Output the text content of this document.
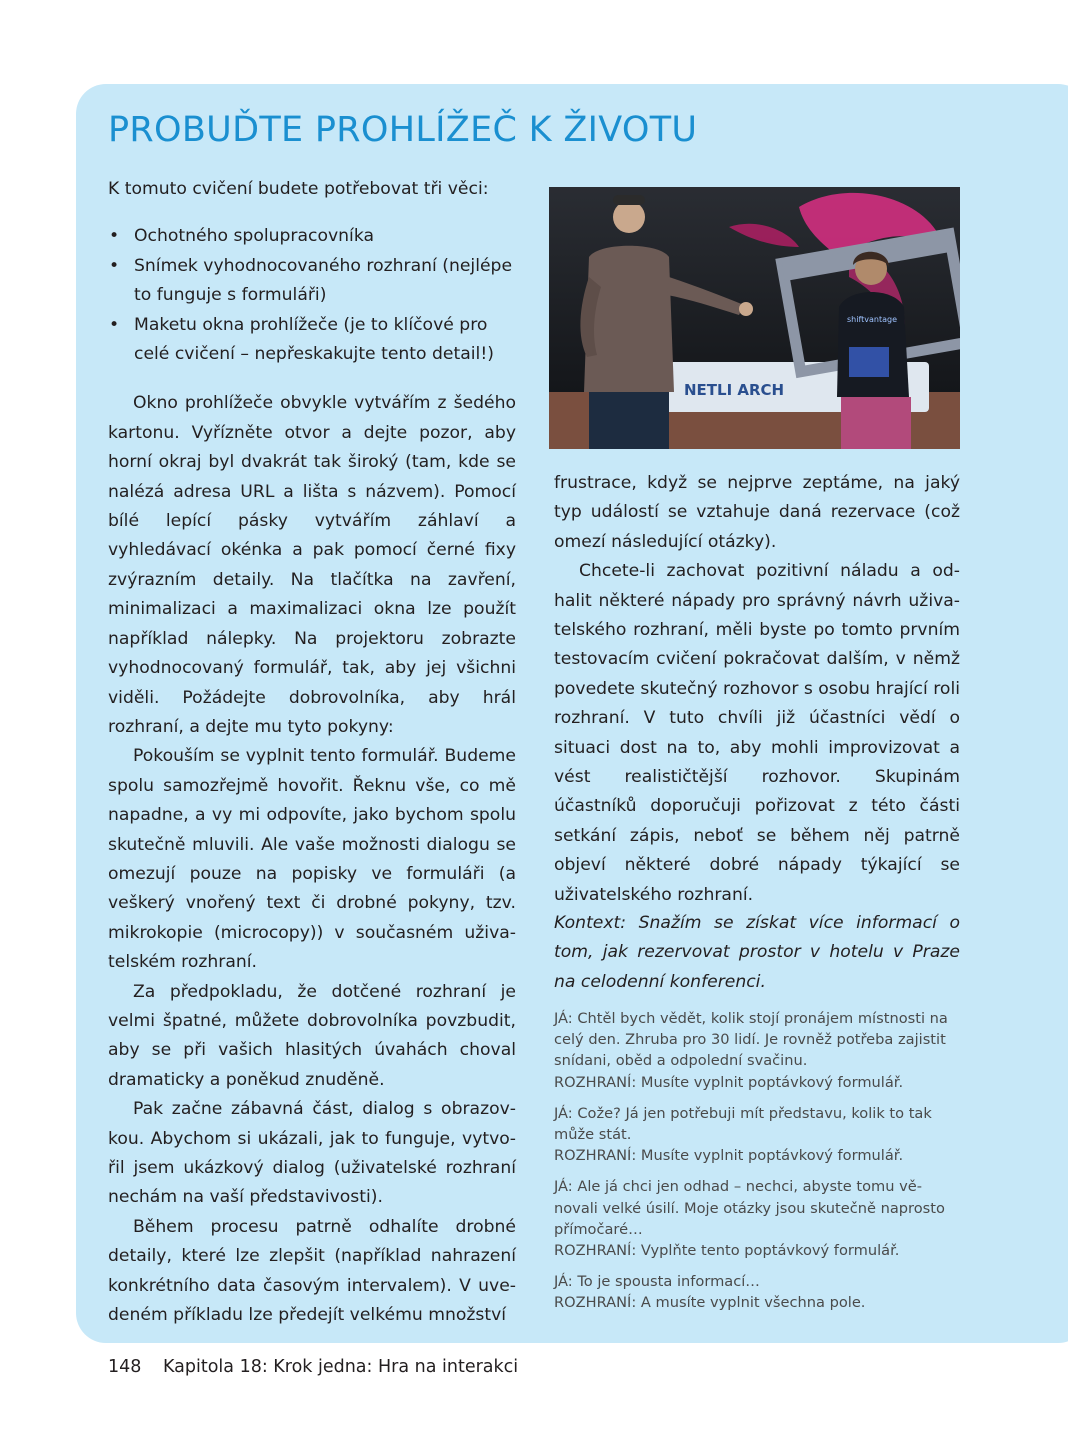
PROBUĎTE PROHLÍŽEČ K ŽIVOTU

K tomuto cvičení budete potřebovat tři věci:

• Ochotného spolupracovníka
• Snímek vyhodnocovaného rozhraní (nejlépe to funguje s formuláři)
• Maketu okna prohlížeče (je to klíčové pro celé cvičení – nepřeskakujte tento detail!)

Okno prohlížeče obvykle vytvářím z šedého kartonu. Vyřízněte otvor a dejte pozor, aby horní okraj byl dvakrát tak široký (tam, kde se nalézá adresa URL a lišta s názvem). Pomocí bílé lepící pásky vytvářím záhlaví a vyhledávací okénka a pak pomocí černé fixy zvýrazním detaily. Na tlačítka na zavření, minimalizaci a maximalizaci okna lze použít například nálepky. Na projektoru zobrazte vyhodnocovaný formulář, tak, aby jej všichni viděli. Požádejte dobrovolníka, aby hrál rozhraní, a dejte mu tyto pokyny:

Pokouším se vyplnit tento formulář. Budeme spolu samozřejmě hovořit. Řeknu vše, co mě napadne, a vy mi odpovíte, jako bychom spolu skutečně mluvili. Ale vaše možnosti dialogu se omezují pouze na popisky ve formuláři (a veškerý vnořený text či drobné pokyny, tzv. mikrokopie (microcopy)) v současném uživatelském rozhraní.

Za předpokladu, že dotčené rozhraní je velmi špatné, můžete dobrovolníka povzbudit, aby se při vašich hlasitých úvahách choval dramaticky a poněkud znuděně.

Pak začne zábavná část, dialog s obrazovkou. Abychom si ukázali, jak to funguje, vytvořil jsem ukázkový dialog (uživatelské rozhraní nechám na vaší představivosti).

Během procesu patrně odhalíte drobné detaily, které lze zlepšit (například nahrazení konkrétního data časovým intervalem). V uvedeném příkladu lze předejít velkému množství

NETLI ARCH
shiftvantage

frustrace, když se nejprve zeptáme, na jaký typ událostí se vztahuje daná rezervace (což omezí následující otázky).

Chcete-li zachovat pozitivní náladu a odhalit některé nápady pro správný návrh uživatelského rozhraní, měli byste po tomto prvním testovacím cvičení pokračovat dalším, v němž povedete skutečný rozhovor s osobu hrající roli rozhraní. V tuto chvíli již účastníci vědí o situaci dost na to, aby mohli improvizovat a vést realističtější rozhovor. Skupinám účastníků doporučuji pořizovat z této části setkání zápis, neboť se během něj patrně objeví některé dobré nápady týkající se uživatelského rozhraní.

Kontext: Snažím se získat více informací o tom, jak rezervovat prostor v hotelu v Praze na celodenní konferenci.
JÁ: Chtěl bych vědět, kolik stojí pronájem místnosti na celý den. Zhruba pro 30 lidí. Je rovněž potřeba zajistit snídani, oběd a odpolední svačinu.
ROZHRANÍ: Musíte vyplnit poptávkový formulář.
JÁ: Cože? Já jen potřebuji mít představu, kolik to tak může stát.
ROZHRANÍ: Musíte vyplnit poptávkový formulář.
JÁ: Ale já chci jen odhad – nechci, abyste tomu věnovali velké úsilí. Moje otázky jsou skutečně naprosto přímočaré…
ROZHRANÍ: Vyplňte tento poptávkový formulář.
JÁ: To je spousta informací…
ROZHRANÍ: A musíte vyplnit všechna pole.
148 Kapitola 18: Krok jedna: Hra na interakci
